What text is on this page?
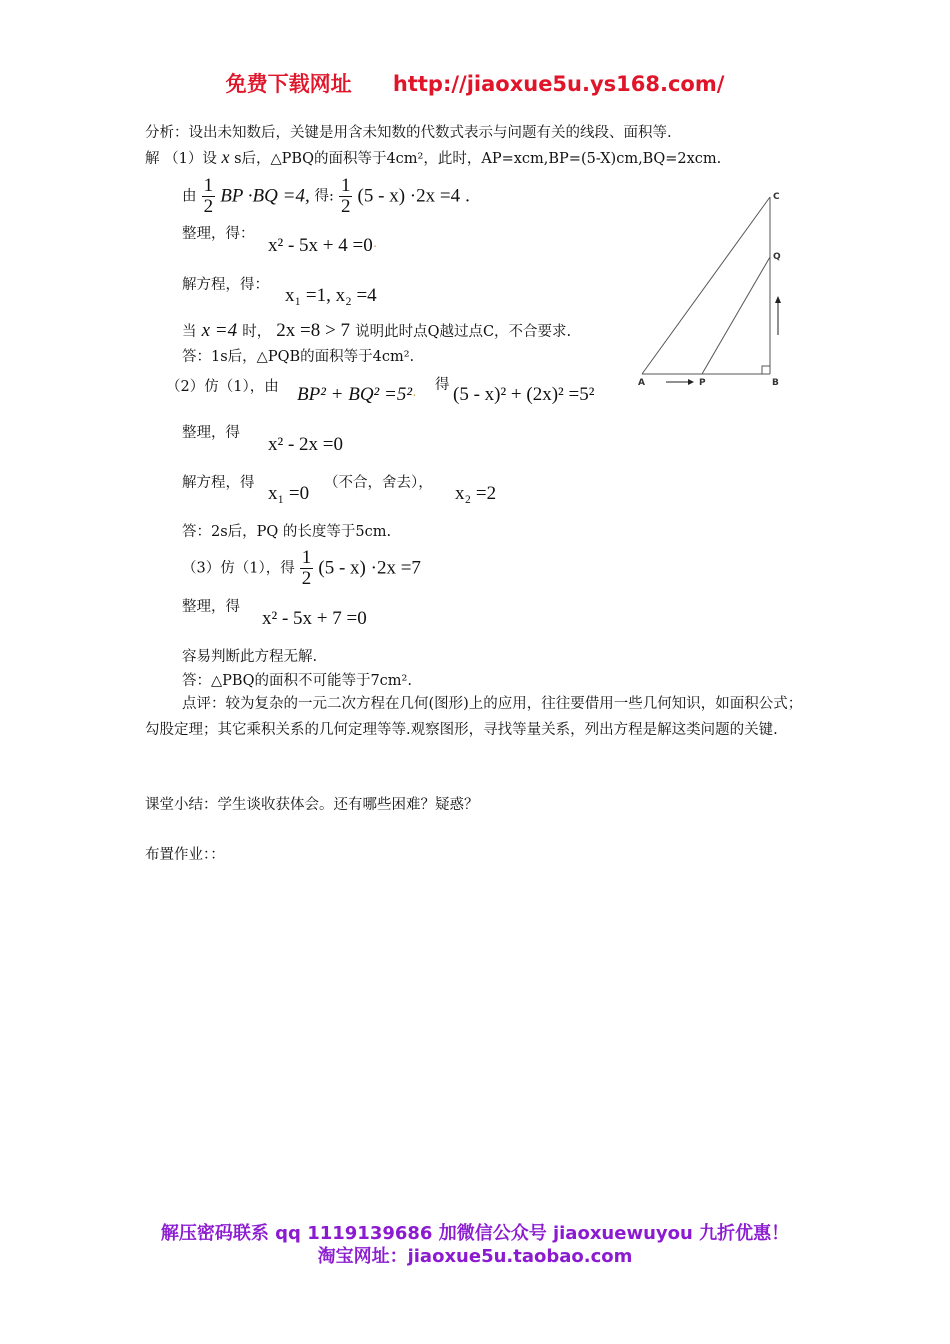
免费下载网址 http://jiaoxue5u.ys168.com/
分析：设出未知数后，关键是用含未知数的代数式表示与问题有关的线段、面积等.
解 （1）设 x s后，△PBQ的面积等于4cm²，此时，AP=xcm,BP=(5-X)cm,BQ=2xcm.
由 $\frac{1}{2}$ BP ·BQ =4, 得: $\frac{1}{2} (5 - x) \cdot 2x =4$ .
整理，得：
x² - 5x + 4 =0·
解方程，得： x₁ =1, x₂ =4
当 x =4 时， 2x =8 > 7 说明此时点Q越过点C，不合要求.
答：1s后，△PQB的面积等于4cm².
（2）仿（1），由 BP² + BQ² =5²·
得 (5 - x)² + (2x)² =5²
整理，得
x² - 2x =0
解方程，得 x₁ =0 （不合，舍去）， x₂ =2
答：2s后，PQ 的长度等于5cm.
（3）仿（1），得 $\frac{1}{2} (5 - x) \cdot 2x =7$
整理，得
x² - 5x + 7 =0
容易判断此方程无解.
答：△PBQ的面积不可能等于7cm².
点评：较为复杂的一元二次方程在几何(图形)上的应用，往往要借用一些几何知识，如面积公式；勾股定理；其它乘积关系的几何定理等等.观察图形，寻找等量关系，列出方程是解这类问题的关键.
课堂小结：学生谈收获体会。还有哪些困难？疑惑？
布置作业：：
A	P	B
C
Q
解压密码联系 qq 1119139686 加微信公众号 jiaoxuewuyou 九折优惠！
淘宝网址：jiaoxue5u.taobao.com
